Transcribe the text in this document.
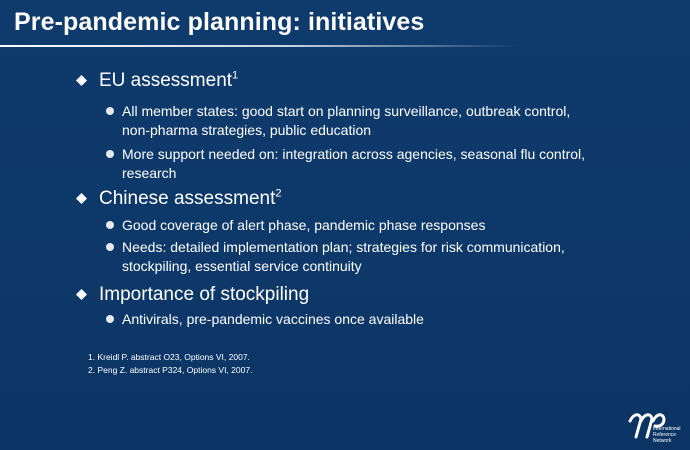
Pre-pandemic planning: initiatives
EU assessment$^1$
All member states: good start on planning surveillance, outbreak control, non-pharma strategies, public education
More support needed on: integration across agencies, seasonal flu control, research
Chinese assessment$^2$
Good coverage of alert phase, pandemic phase responses
Needs: detailed implementation plan; strategies for risk communication, stockpiling, essential service continuity
Importance of stockpiling
Antivirals, pre-pandemic vaccines once available
1. Kreidl P. abstract O23, Options VI, 2007.
2. Peng Z. abstract P324, Options VI, 2007.
International
Reference
Network
